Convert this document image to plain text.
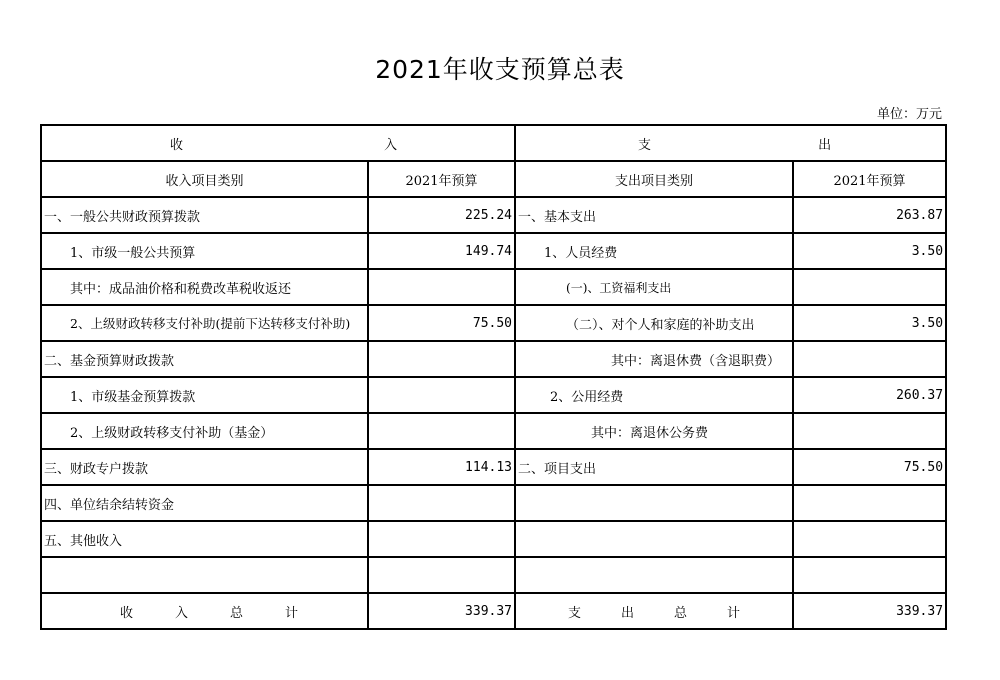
2021年收支预算总表
单位：万元
收 入		支 出	
收入项目类别	2021年预算	支出项目类别	2021年预算
一、一般公共财政预算拨款	225.24	一、基本支出	263.87
1、市级一般公共预算	149.74	1、人员经费	3.50
其中：成品油价格和税费改革税收返还		(一)、工资福利支出	
2、上级财政转移支付补助(提前下达转移支付补助)	75.50	（二）、对个人和家庭的补助支出	3.50
二、基金预算财政拨款		其中：离退休费（含退职费）	
1、市级基金预算拨款		2、公用经费	260.37
2、上级财政转移支付补助（基金）		其中：离退休公务费	
三、财政专户拨款	114.13	二、项目支出	75.50
四、单位结余结转资金			
五、其他收入			

收 入 总 计	339.37	支 出 总 计	339.37
